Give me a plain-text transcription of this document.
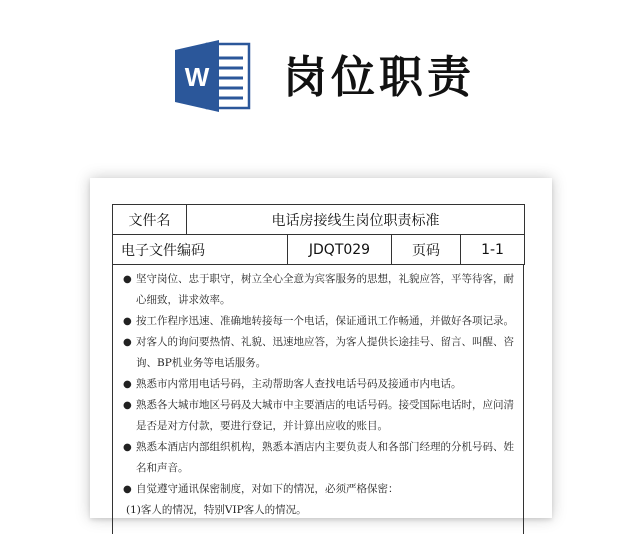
W 岗位职责
文件名	电话房接线生岗位职责标准			
电子文件编码		JDQT029	页码	1-1
● 坚守岗位、忠于职守，树立全心全意为宾客服务的思想，礼貌应答，平等待客，耐心细致，讲求效率。
● 按工作程序迅速、准确地转接每一个电话，保证通讯工作畅通，并做好各项记录。
● 对客人的询问要热情、礼貌、迅速地应答，为客人提供长途挂号、留言、叫醒、咨询、BP机业务等电话服务。
● 熟悉市内常用电话号码，主动帮助客人查找电话号码及接通市内电话。
● 熟悉各大城市地区号码及大城市中主要酒店的电话号码。接受国际电话时，应问清是否是对方付款，要进行登记，并计算出应收的账目。
● 熟悉本酒店内部组织机构，熟悉本酒店内主要负责人和各部门经理的分机号码、姓名和声音。
● 自觉遵守通讯保密制度，对如下的情况，必须严格保密：
(1)客人的情况，特别VIP客人的情况。
